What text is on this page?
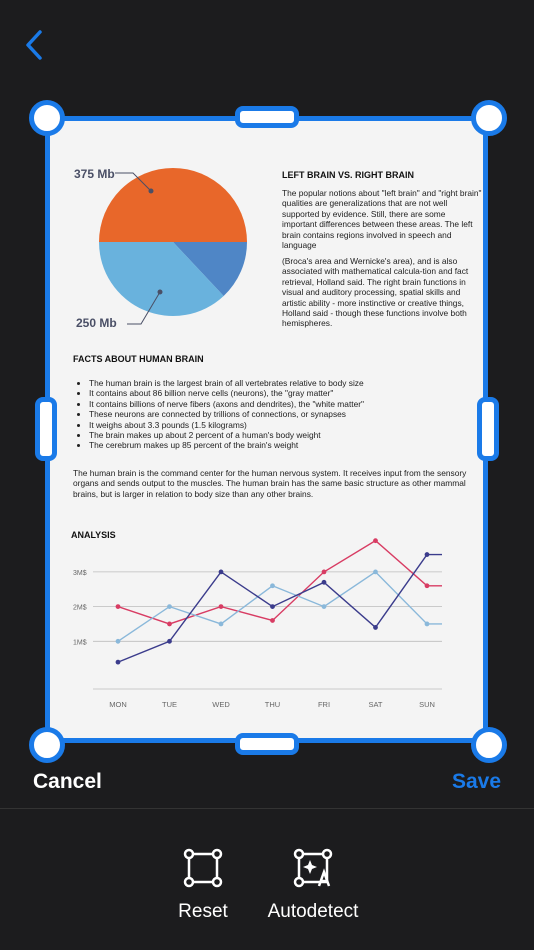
375 Mb
250 Mb
LEFT BRAIN VS. RIGHT BRAIN
The popular notions about "left brain" and "right brain" qualities are generalizations that are not well supported by evidence. Still, there are some important differences between these areas. The left brain contains regions involved in speech and language
(Broca's area and Wernicke's area), and is also associated with mathematical calcula-tion and fact retrieval, Holland said. The right brain functions in visual and auditory processing, spatial skills and artistic ability - more instinctive or creative things, Holland said - though these functions involve both hemispheres.
FACTS ABOUT HUMAN BRAIN
• The human brain is the largest brain of all vertebrates relative to body size
• It contains about 86 billion nerve cells (neurons), the "gray matter"
• It contains billions of nerve fibers (axons and dendrites), the "white matter"
• These neurons are connected by trillions of connections, or synapses
• It weighs about 3.3 pounds (1.5 kilograms)
• The brain makes up about 2 percent of a human's body weight
• The cerebrum makes up 85 percent of the brain's weight
The human brain is the command center for the human nervous system. It receives input from the sensory organs and sends output to the muscles. The human brain has the same basic structure as other mammal brains, but is larger in relation to body size than any other brains.
ANALYSIS
1M$
2M$
3M$
MON	TUE	WED	THU	FRI	SAT	SUN
Cancel	Save
Reset	Autodetect
